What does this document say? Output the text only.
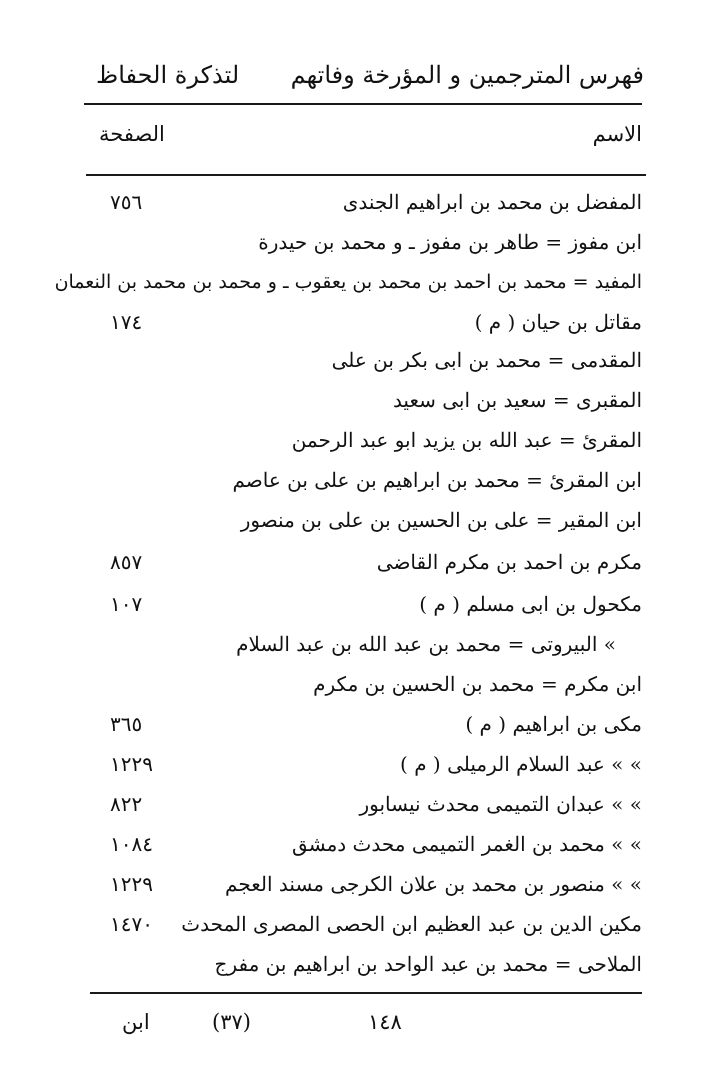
فهرس المترجمين و المؤرخة وفاتهم
لتذكرة الحفاظ
الاسم
الصفحة
المفضل بن محمد بن ابراهيم الجندى
٧٥٦
ابن مفوز = طاهر بن مفوز ـ و محمد بن حيدرة
المفيد = محمد بن احمد بن محمد بن يعقوب ـ و محمد بن محمد بن النعمان
مقاتل بن حيان ( م )
١٧٤
المقدمى = محمد بن ابى بكر بن على
المقبرى = سعيد بن ابى سعيد
المقرئ = عبد الله بن يزيد ابو عبد الرحمن
ابن المقرئ = محمد بن ابراهيم بن على بن عاصم
ابن المقير = على بن الحسين بن على بن منصور
مكرم بن احمد بن مكرم القاضى
٨٥٧
مكحول بن ابى مسلم ( م )
١٠٧
» البيروتى = محمد بن عبد الله بن عبد السلام
ابن مكرم = محمد بن الحسين بن مكرم
مكى بن ابراهيم ( م )
٣٦٥
» » عبد السلام الرميلى ( م )
١٢٢٩
» » عبدان التميمى محدث نيسابور
٨٢٢
» » محمد بن الغمر التميمى محدث دمشق
١٠٨٤
» » منصور بن محمد بن علان الكرجى مسند العجم
١٢٢٩
مكين الدين بن عبد العظيم ابن الحصى المصرى المحدث
١٤٧٠
الملاحى = محمد بن عبد الواحد بن ابراهيم بن مفرج
ابن	(٣٧)	١٤٨
